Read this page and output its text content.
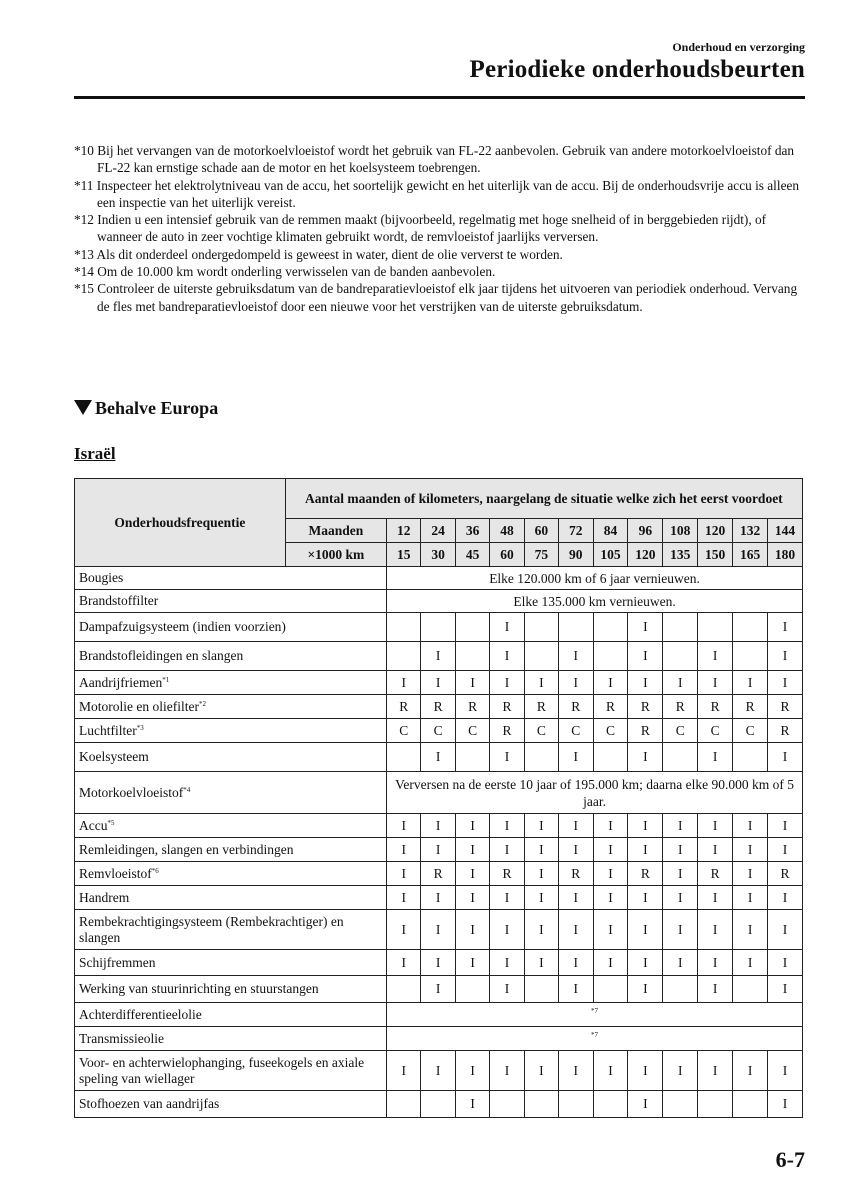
Onderhoud en verzorging
Periodieke onderhoudsbeurten

*10 Bij het vervangen van de motorkoelvloeistof wordt het gebruik van FL-22 aanbevolen. Gebruik van andere motorkoelvloeistof dan FL-22 kan ernstige schade aan de motor en het koelsysteem toebrengen.

*11 Inspecteer het elektrolytniveau van de accu, het soortelijk gewicht en het uiterlijk van de accu. Bij de onderhoudsvrije accu is alleen een inspectie van het uiterlijk vereist.

*12 Indien u een intensief gebruik van de remmen maakt (bijvoorbeeld, regelmatig met hoge snelheid of in berggebieden rijdt), of wanneer de auto in zeer vochtige klimaten gebruikt wordt, de remvloeistof jaarlijks verversen.

*13 Als dit onderdeel ondergedompeld is geweest in water, dient de olie ververst te worden.

*14 Om de 10.000 km wordt onderling verwisselen van de banden aanbevolen.

*15 Controleer de uiterste gebruiksdatum van de bandreparatievloeistof elk jaar tijdens het uitvoeren van periodiek onderhoud. Vervang de fles met bandreparatievloeistof door een nieuwe voor het verstrijken van de uiterste gebruiksdatum.

Behalve Europa
Israël
Onderhoudsfrequentie	Aantal maanden of kilometers, naargelang de situatie welke zich het eerst voordoet												
	Maanden	12	24	36	48	60	72	84	96	108	120	132	144
	×1000 km	15	30	45	60	75	90	105	120	135	150	165	180
Bougies		Elke 120.000 km of 6 jaar vernieuwen.											
Brandstoffilter		Elke 135.000 km vernieuwen.											
Dampafzuigsysteem (indien voorzien)					I				I				I
Brandstofleidingen en slangen			I		I		I		I		I		I
Aandrijfriemen$^{*1}$		I	I	I	I	I	I	I	I	I	I	I	I
Motorolie en oliefilter$^{*2}$		R	R	R	R	R	R	R	R	R	R	R	R
Luchtfilter$^{*3}$		C	C	C	R	C	C	C	R	C	C	C	R
Koelsysteem			I		I		I		I		I		I
Motorkoelvloeistof$^{*4}$		Verversen na de eerste 10 jaar of 195.000 km; daarna elke 90.000 km of 5 jaar.											
Accu$^{*5}$		I	I	I	I	I	I	I	I	I	I	I	I
Remleidingen, slangen en verbindingen		I	I	I	I	I	I	I	I	I	I	I	I
Remvloeistof$^{*6}$		I	R	I	R	I	R	I	R	I	R	I	R
Handrem		I	I	I	I	I	I	I	I	I	I	I	I
Rembekrachtigingsysteem (Rembekrachtiger) en slangen		I	I	I	I	I	I	I	I	I	I	I	I
Schijfremmen		I	I	I	I	I	I	I	I	I	I	I	I
Werking van stuurinrichting en stuurstangen			I		I		I		I		I		I
Achterdifferentieelolie		*7											
Transmissieolie		*7											
Voor- en achterwielophanging, fuseekogels en axiale speling van wiellager		I	I	I	I	I	I	I	I	I	I	I	I
Stofhoezen van aandrijfas				I					I				I
6-7
